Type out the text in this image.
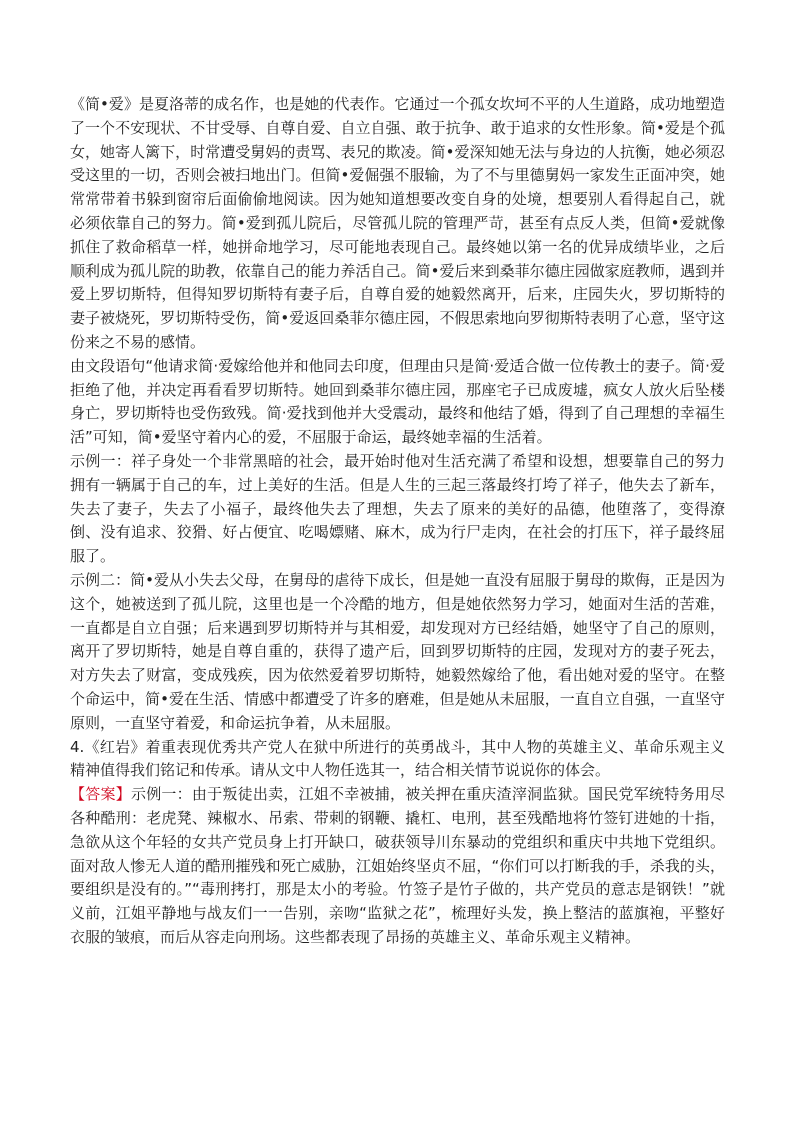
《简•爱》是夏洛蒂的成名作，也是她的代表作。它通过一个孤女坎坷不平的人生道路，成功地塑造了一个不安现状、不甘受辱、自尊自爱、自立自强、敢于抗争、敢于追求的女性形象。简•爱是个孤女，她寄人篱下，时常遭受舅妈的责骂、表兄的欺凌。简•爱深知她无法与身边的人抗衡，她必须忍受这里的一切，否则会被扫地出门。但简•爱倔强不服输，为了不与里德舅妈一家发生正面冲突，她常常带着书躲到窗帘后面偷偷地阅读。因为她知道想要改变自身的处境，想要别人看得起自己，就必须依靠自己的努力。简•爱到孤儿院后，尽管孤儿院的管理严苛，甚至有点反人类，但简•爱就像抓住了救命稻草一样，她拼命地学习，尽可能地表现自己。最终她以第一名的优异成绩毕业，之后顺利成为孤儿院的助教，依靠自己的能力养活自己。简•爱后来到桑菲尔德庄园做家庭教师，遇到并爱上罗切斯特，但得知罗切斯特有妻子后，自尊自爱的她毅然离开，后来，庄园失火，罗切斯特的妻子被烧死，罗切斯特受伤，简•爱返回桑菲尔德庄园，不假思索地向罗彻斯特表明了心意，坚守这份来之不易的感情。

由文段语句“他请求简·爱嫁给他并和他同去印度，但理由只是简·爱适合做一位传教士的妻子。简·爱拒绝了他，并决定再看看罗切斯特。她回到桑菲尔德庄园，那座宅子已成废墟，疯女人放火后坠楼身亡，罗切斯特也受伤致残。简·爱找到他并大受震动，最终和他结了婚，得到了自己理想的幸福生活”可知，简•爱坚守着内心的爱，不屈服于命运，最终她幸福的生活着。

示例一：祥子身处一个非常黑暗的社会，最开始时他对生活充满了希望和设想，想要靠自己的努力拥有一辆属于自己的车，过上美好的生活。但是人生的三起三落最终打垮了祥子，他失去了新车，失去了妻子，失去了小福子，最终他失去了理想，失去了原来的美好的品德，他堕落了，变得潦倒、没有追求、狡猾、好占便宜、吃喝嫖赌、麻木，成为行尸走肉，在社会的打压下，祥子最终屈服了。

示例二：简•爱从小失去父母，在舅母的虐待下成长，但是她一直没有屈服于舅母的欺侮，正是因为这个，她被送到了孤儿院，这里也是一个冷酷的地方，但是她依然努力学习，她面对生活的苦难，一直都是自立自强；后来遇到罗切斯特并与其相爱，却发现对方已经结婚，她坚守了自己的原则，离开了罗切斯特，她是自尊自重的，获得了遗产后，回到罗切斯特的庄园，发现对方的妻子死去，对方失去了财富，变成残疾，因为依然爱着罗切斯特，她毅然嫁给了他，看出她对爱的坚守。在整个命运中，简•爱在生活、情感中都遭受了许多的磨难，但是她从未屈服，一直自立自强，一直坚守原则，一直坚守着爱，和命运抗争着，从未屈服。

4.《红岩》着重表现优秀共产党人在狱中所进行的英勇战斗，其中人物的英雄主义、革命乐观主义精神值得我们铭记和传承。请从文中人物任选其一，结合相关情节说说你的体会。

【答案】示例一：由于叛徒出卖，江姐不幸被捕，被关押在重庆渣滓洞监狱。国民党军统特务用尽各种酷刑：老虎凳、辣椒水、吊索、带刺的钢鞭、撬杠、电刑，甚至残酷地将竹签钉进她的十指，急欲从这个年轻的女共产党员身上打开缺口，破获领导川东暴动的党组织和重庆中共地下党组织。面对敌人惨无人道的酷刑摧残和死亡威胁，江姐始终坚贞不屈，“你们可以打断我的手，杀我的头，要组织是没有的。”“毒刑拷打，那是太小的考验。竹签子是竹子做的，共产党员的意志是钢铁！”就义前，江姐平静地与战友们一一告别，亲吻“监狱之花”，梳理好头发，换上整洁的蓝旗袍，平整好衣服的皱痕，而后从容走向刑场。这些都表现了昂扬的英雄主义、革命乐观主义精神。
